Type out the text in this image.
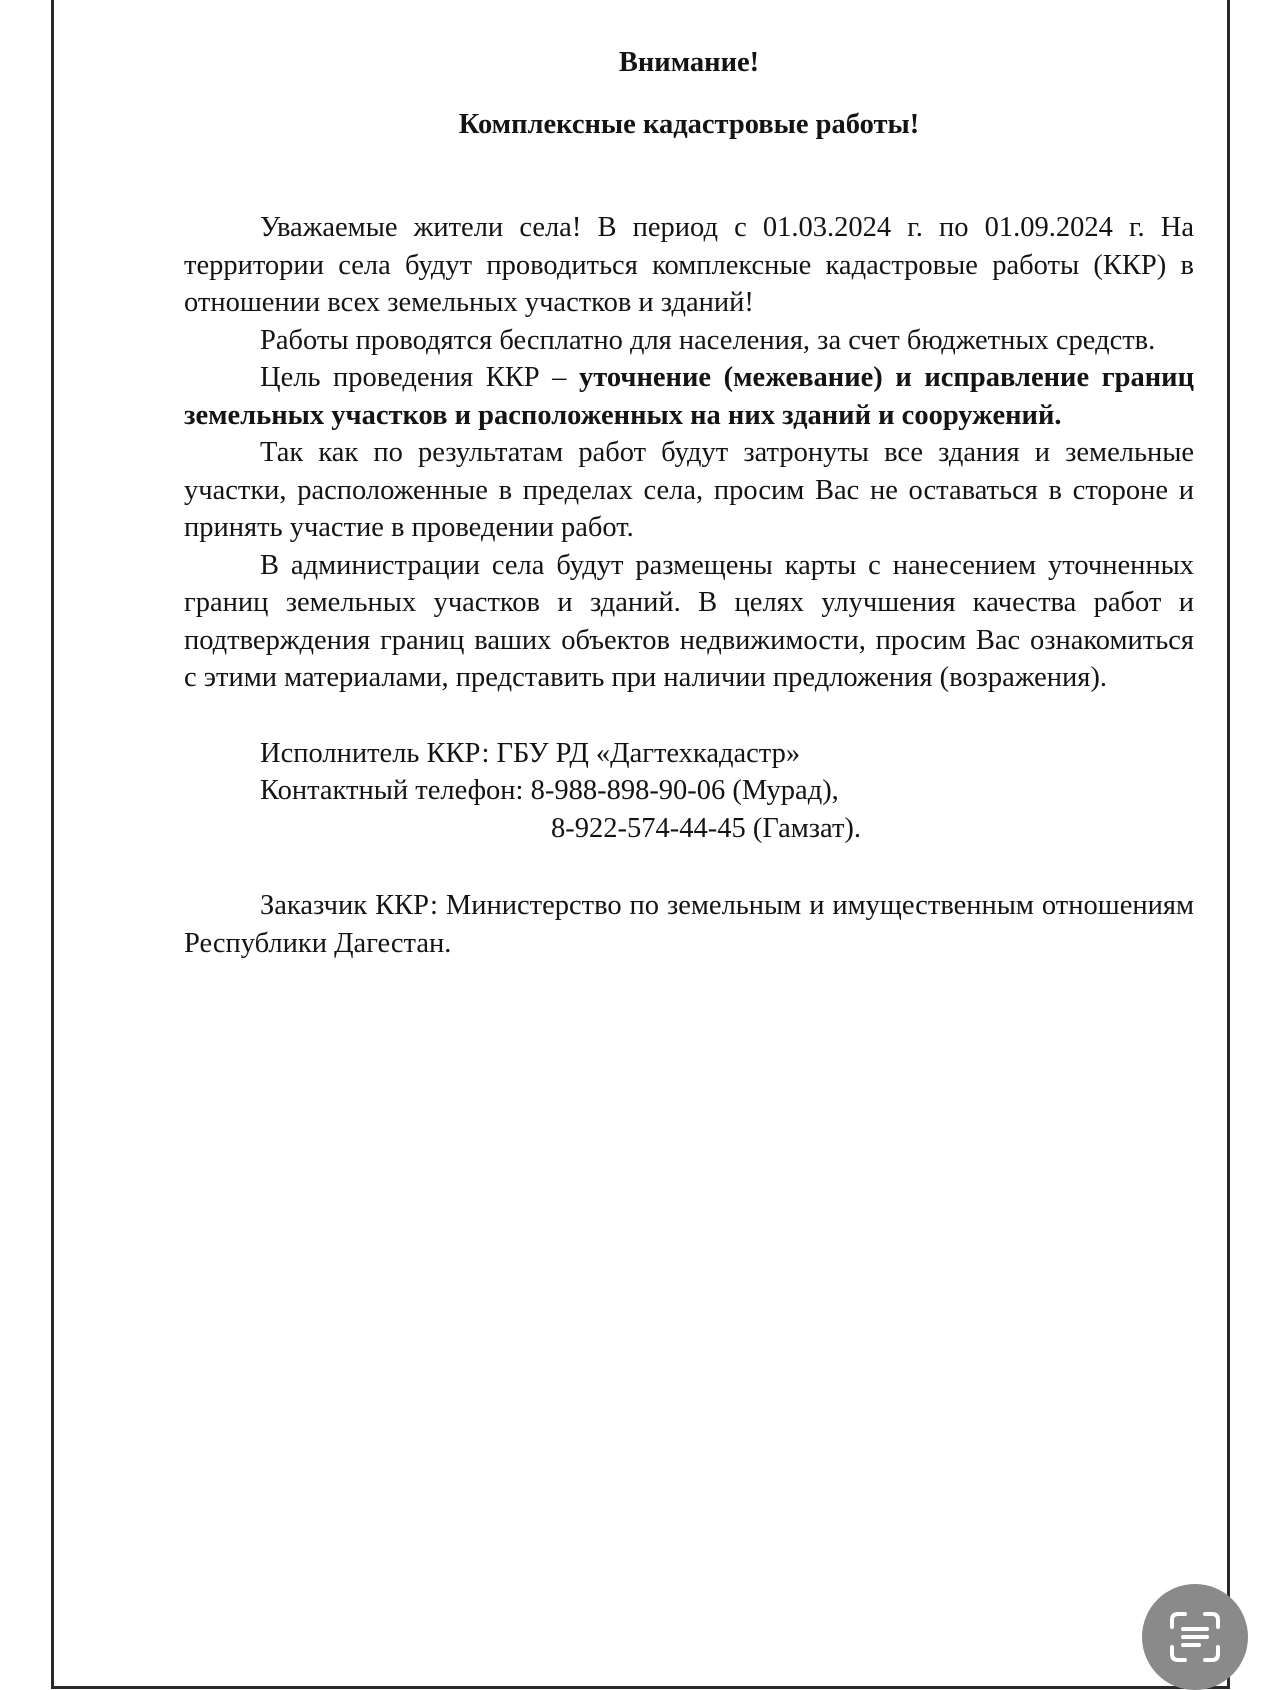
Внимание!

Комплексные кадастровые работы!

Уважаемые жители села! В период с 01.03.2024 г. по 01.09.2024 г. На территории села будут проводиться комплексные кадастровые работы (ККР) в отношении всех земельных участков и зданий!

Работы проводятся бесплатно для населения, за счет бюджетных средств.

Цель проведения ККР – уточнение (межевание) и исправление границ земельных участков и расположенных на них зданий и сооружений.

Так как по результатам работ будут затронуты все здания и земельные участки, расположенные в пределах села, просим Вас не оставаться в стороне и принять участие в проведении работ.

В администрации села будут размещены карты с нанесением уточненных границ земельных участков и зданий. В целях улучшения качества работ и подтверждения границ ваших объектов недвижимости, просим Вас ознакомиться с этими материалами, представить при наличии предложения (возражения).

Исполнитель ККР: ГБУ РД «Дагтехкадастр»

Контактный телефон: 8-988-898-90-06 (Мурад),

8-922-574-44-45 (Гамзат).

Заказчик ККР: Министерство по земельным и имущественным отношениям Республики Дагестан.
